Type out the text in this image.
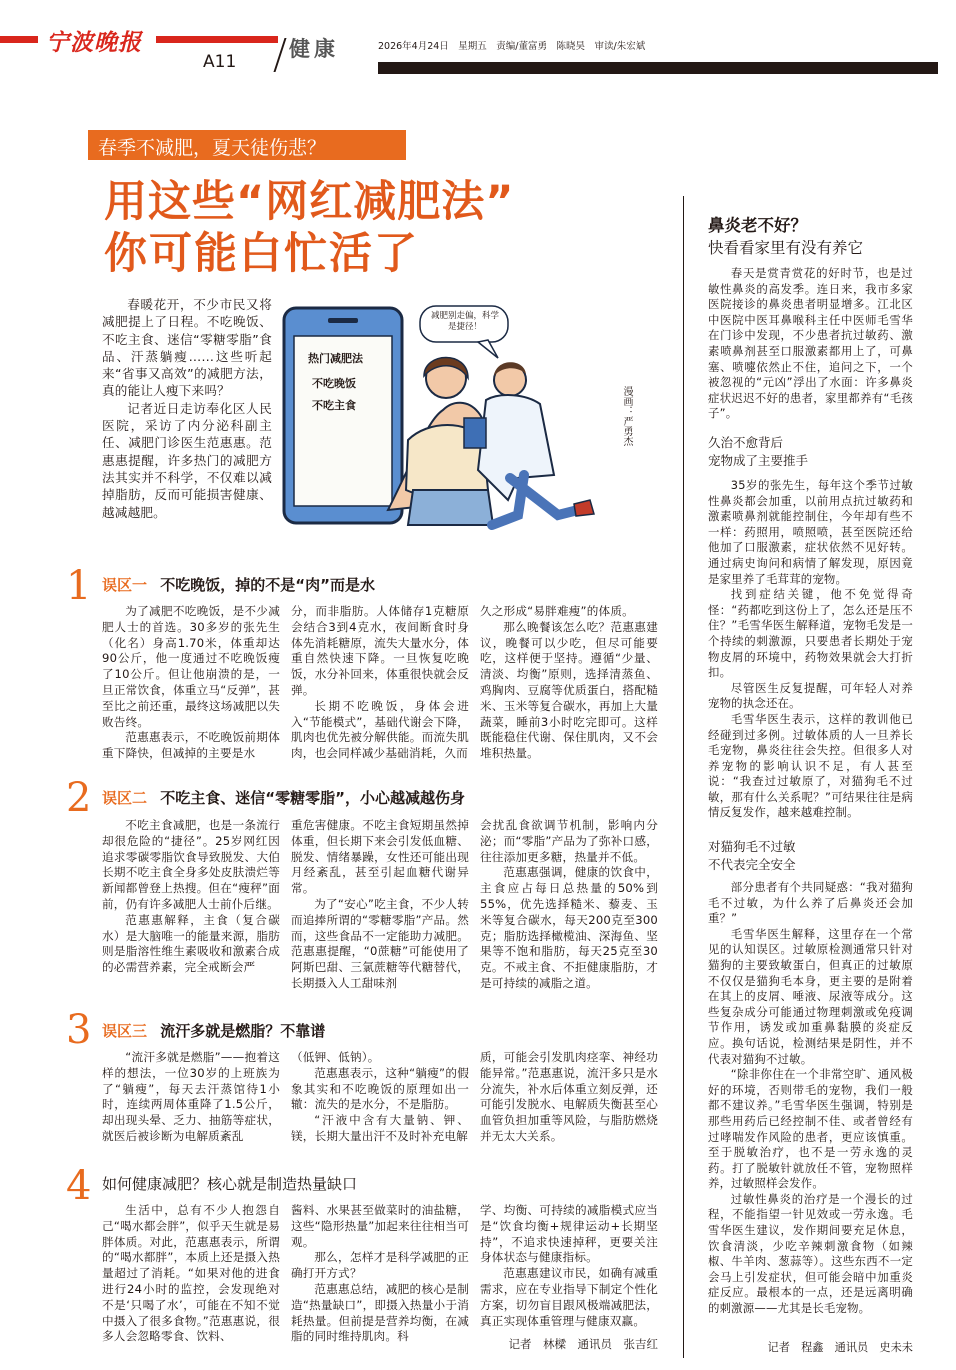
宁波晚报
A11
健康	2026年4月24日　星期五　责编/董富勇　陈晓昊　审读/朱宏斌
春季不减肥，夏天徒伤悲？
用这些“网红减肥法”
你可能白忙活了

春暖花开，不少市民又将减肥提上了日程。不吃晚饭、不吃主食、迷信“零糖零脂”食品、汗蒸躺瘦……这些听起来“省事又高效”的减肥方法，真的能让人瘦下来吗？

记者近日走访奉化区人民医院，采访了内分泌科副主任、减肥门诊医生范惠惠。范惠惠提醒，许多热门的减肥方法其实并不科学，不仅难以减掉脂肪，反而可能损害健康、越减越肥。

热门减肥法
不吃晚饭
不吃主食
减肥别走偏，科学是捷径！
漫画：严勇杰
1 误区一 不吃晚饭，掉的不是“肉”而是水

为了减肥不吃晚饭，是不少减肥人士的首选。30多岁的张先生（化名）身高1.70米，体重却达90公斤，他一度通过不吃晚饭瘦了10公斤。但让他崩溃的是，一旦正常饮食，体重立马“反弹”，甚至比之前还重，最终这场减肥以失败告终。

范惠惠表示，不吃晚饭前期体重下降快，但减掉的主要是水

分，而非脂肪。人体储存1克糖原会结合3到4克水，夜间断食时身体先消耗糖原，流失大量水分，体重自然快速下降。一旦恢复吃晚饭，水分补回来，体重很快就会反弹。

长期不吃晚饭，身体会进入“节能模式”，基础代谢会下降，肌肉也优先被分解供能。而流失肌肉，也会同样减少基础消耗，久而

久之形成“易胖难瘦”的体质。

那么晚餐该怎么吃？范惠惠建议，晚餐可以少吃，但尽可能要吃，这样便于坚持。遵循“少量、清淡、均衡”原则，选择清蒸鱼、鸡胸肉、豆腐等优质蛋白，搭配糙米、玉米等复合碳水，再加上大量蔬菜，睡前3小时吃完即可。这样既能稳住代谢、保住肌肉，又不会堆积热量。

2 误区二 不吃主食、迷信“零糖零脂”，小心越减越伤身

不吃主食减肥，也是一条流行却很危险的“捷径”。25岁网红因追求零碳零脂饮食导致脱发、大伯长期不吃主食全身多处皮肤溃烂等新闻都曾登上热搜。但在“瘦秤”面前，仍有许多减肥人士前仆后继。

范惠惠解释，主食（复合碳水）是大脑唯一的能量来源，脂肪则是脂溶性维生素吸收和激素合成的必需营养素，完全戒断会严

重危害健康。不吃主食短期虽然掉体重，但长期下来会引发低血糖、脱发、情绪暴躁，女性还可能出现月经紊乱，甚至引起血糖代谢异常。

为了“安心”吃主食，不少人转而追捧所谓的“零糖零脂”产品。然而，这些食品不一定能助力减肥。范惠惠提醒，“0蔗糖”可能使用了阿斯巴甜、三氯蔗糖等代糖替代，长期摄入人工甜味剂

会扰乱食欲调节机制，影响内分泌；而“零脂”产品为了弥补口感，往往添加更多糖，热量并不低。

范惠惠强调，健康的饮食中，主食应占每日总热量的50%到55%，优先选择糙米、藜麦、玉米等复合碳水，每天200克至300克；脂肪选择橄榄油、深海鱼、坚果等不饱和脂肪，每天25克至30克。不戒主食、不拒健康脂肪，才是可持续的减脂之道。

3 误区三 流汗多就是燃脂？不靠谱

“流汗多就是燃脂”——抱着这样的想法，一位30岁的上班族为了“躺瘦”，每天去汗蒸馆待1小时，连续两周体重降了1.5公斤，却出现头晕、乏力、抽筋等症状，就医后被诊断为电解质紊乱

（低钾、低钠）。

范惠惠表示，这种“躺瘦”的假象其实和不吃晚饭的原理如出一辙：流失的是水分，不是脂肪。

“汗液中含有大量钠、钾、镁，长期大量出汗不及时补充电解

质，可能会引发肌肉痉挛、神经功能异常。”范惠惠说，流汗多只是水分流失，补水后体重立刻反弹，还可能引发脱水、电解质失衡甚至心血管负担加重等风险，与脂肪燃烧并无太大关系。

4 如何健康减肥？核心就是制造热量缺口

生活中，总有不少人抱怨自己“喝水都会胖”，似乎天生就是易胖体质。对此，范惠惠表示，所谓的“喝水都胖”，本质上还是摄入热量超过了消耗。“如果对他的进食进行24小时的监控，会发现绝对不是‘只喝了水’，可能在不知不觉中摄入了很多食物。”范惠惠说，很多人会忽略零食、饮料、

酱料、水果甚至做菜时的油盐糖，这些“隐形热量”加起来往往相当可观。

那么，怎样才是科学减肥的正确打开方式？

范惠惠总结，减肥的核心是制造“热量缺口”，即摄入热量小于消耗热量。但前提是营养均衡，在减脂的同时维持肌肉。科

学、均衡、可持续的减脂模式应当是“饮食均衡+规律运动+长期坚持”，不追求快速掉秤，更要关注身体状态与健康指标。

范惠惠建议市民，如确有减重需求，应在专业指导下制定个性化方案，切勿盲目跟风极端减肥法，真正实现体重管理与健康双赢。

记者　林樑　通讯员　张吉红
鼻炎老不好？
快看看家里有没有养它

春天是赏青赏花的好时节，也是过敏性鼻炎的高发季。连日来，我市多家医院接诊的鼻炎患者明显增多。江北区中医院中医耳鼻喉科主任中医师毛雪华在门诊中发现，不少患者抗过敏药、激素喷鼻剂甚至口服激素都用上了，可鼻塞、喷嚏依然止不住，追问之下，一个被忽视的“元凶”浮出了水面：许多鼻炎症状迟迟不好的患者，家里都养有“毛孩子”。

久治不愈背后
宠物成了主要推手

35岁的张先生，每年这个季节过敏性鼻炎都会加重，以前用点抗过敏药和激素喷鼻剂就能控制住，今年却有些不一样：药照用，喷照喷，甚至医院还给他加了口服激素，症状依然不见好转。通过病史询问和病情了解发现，原因竟是家里养了毛茸茸的宠物。

找到症结关键，他不免觉得奇怪：“药都吃到这份上了，怎么还是压不住？”毛雪华医生解释道，宠物毛发是一个持续的刺激源，只要患者长期处于宠物皮屑的环境中，药物效果就会大打折扣。

尽管医生反复提醒，可年轻人对养宠物的执念还在。

毛雪华医生表示，这样的教训他已经碰到过多例。过敏体质的人一旦养长毛宠物，鼻炎往往会失控。但很多人对养宠物的影响认识不足，有人甚至说：“我查过过敏原了，对猫狗毛不过敏，那有什么关系呢？”可结果往往是病情反复发作，越来越难控制。

对猫狗毛不过敏
不代表完全安全

部分患者有个共同疑惑：“我对猫狗毛不过敏，为什么养了后鼻炎还会加重？”

毛雪华医生解释，这里存在一个常见的认知误区。过敏原检测通常只针对猫狗的主要致敏蛋白，但真正的过敏原不仅仅是猫狗毛本身，更主要的是附着在其上的皮屑、唾液、尿液等成分。这些复杂成分可能通过物理刺激或免疫调节作用，诱发或加重鼻黏膜的炎症反应。换句话说，检测结果是阴性，并不代表对猫狗不过敏。

“除非你住在一个非常空旷、通风极好的环境，否则带毛的宠物，我们一般都不建议养。”毛雪华医生强调，特别是那些用药后已经控制不佳、或者曾经有过哮喘发作风险的患者，更应该慎重。至于脱敏治疗，也不是一劳永逸的灵药。打了脱敏针就放任不管，宠物照样养，过敏照样会发作。

过敏性鼻炎的治疗是一个漫长的过程，不能指望一针见效或一劳永逸。毛雪华医生建议，发作期间要充足休息，饮食清淡，少吃辛辣刺激食物（如辣椒、牛羊肉、葱蒜等）。这些东西不一定会马上引发症状，但可能会暗中加重炎症反应。最根本的一点，还是远离明确的刺激源——尤其是长毛宠物。

记者　程鑫　通讯员　史未未
